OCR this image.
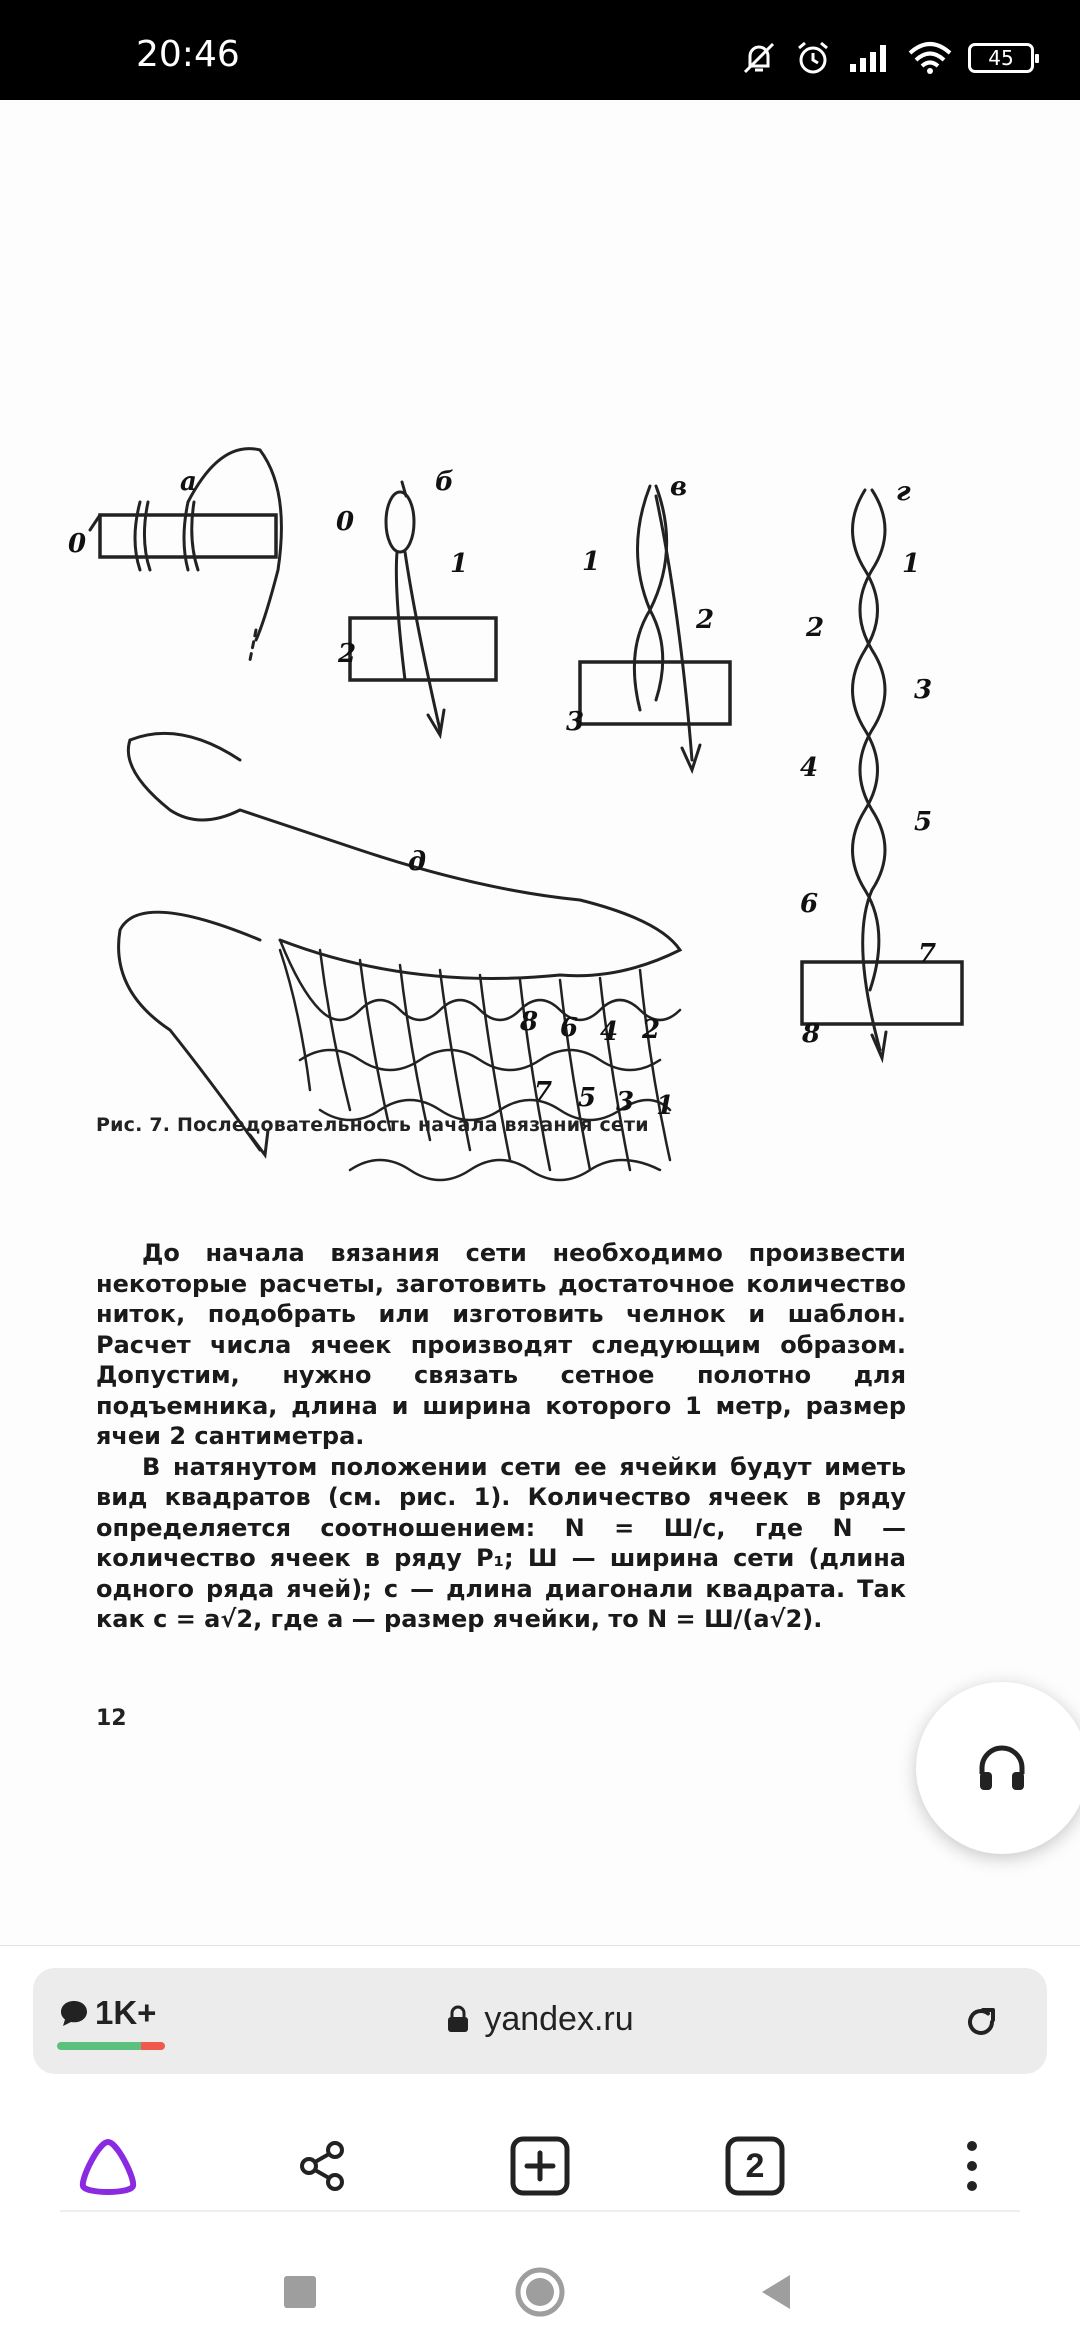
20:46	45
а
0
б
0
1
2
в
1
2
3
г
1
2
3
4
5
6
7
8
д
8 6 4 2
7 5 3 1
Рис. 7. Последовательность начала вязания сети

До начала вязания сети необходимо произвести некоторые расчеты, заготовить достаточное количество ниток, подобрать или изготовить челнок и шаблон. Расчет числа ячеек производят следующим образом. Допустим, нужно связать сетное полотно для подъемника, длина и ширина которого 1 метр, размер ячеи 2 сантиметра.

В натянутом положении сети ее ячейки будут иметь вид квадратов (см. рис. 1). Количество ячеек в ряду определяется соотношением: N = Ш/c, где N — количество ячеек в ряду P₁; Ш — ширина сети (длина одного ряда ячей); с — длина диагонали квадрата. Так как c = a√2, где a — размер ячейки, то N = Ш/(a√2).

12
1K+	yandex.ru
2
